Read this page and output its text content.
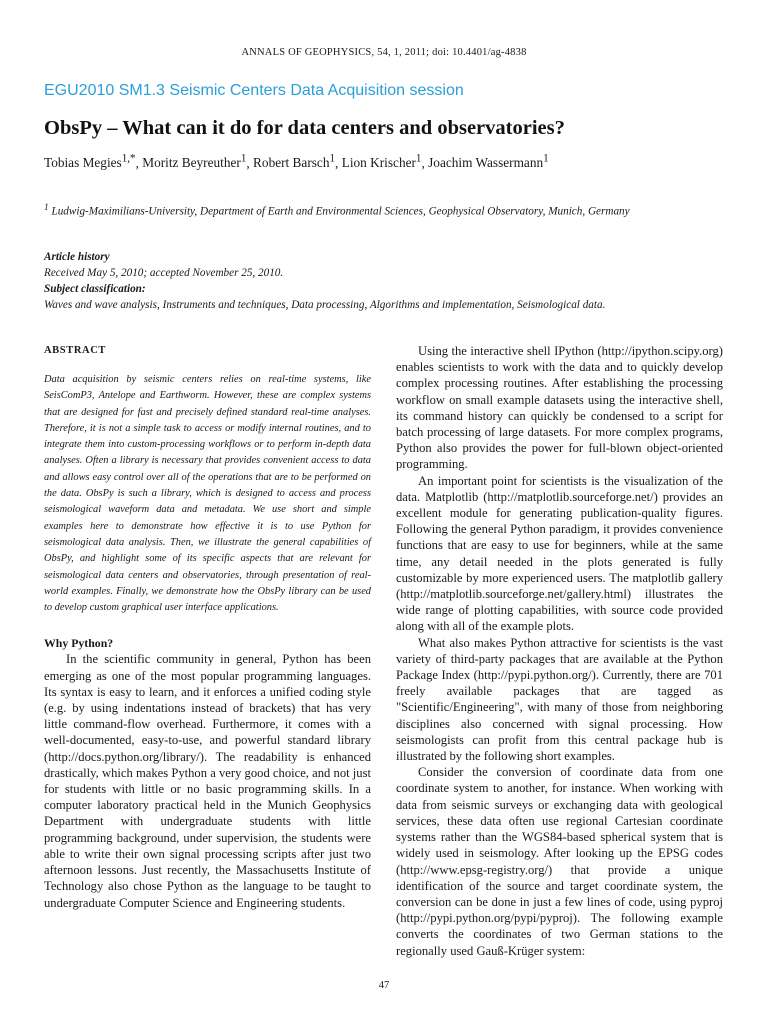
ANNALS OF GEOPHYSICS, 54, 1, 2011; doi: 10.4401/ag-4838
EGU2010 SM1.3 Seismic Centers Data Acquisition session
ObsPy – What can it do for data centers and observatories?
Tobias Megies$^{1,*}$, Moritz Beyreuther$^1$, Robert Barsch$^1$, Lion Krischer$^1$, Joachim Wassermann$^1$
$^1$ Ludwig-Maximilians-University, Department of Earth and Environmental Sciences, Geophysical Observatory, Munich, Germany
Article history
Received May 5, 2010; accepted November 25, 2010.
Subject classification:
Waves and wave analysis, Instruments and techniques, Data processing, Algorithms and implementation, Seismological data.
ABSTRACT

Data acquisition by seismic centers relies on real-time systems, like SeisComP3, Antelope and Earthworm. However, these are complex systems that are designed for fast and precisely defined standard real-time analyses. Therefore, it is not a simple task to access or modify internal routines, and to integrate them into custom-processing workflows or to perform in-depth data analyses. Often a library is necessary that provides convenient access to data and allows easy control over all of the operations that are to be performed on the data. ObsPy is such a library, which is designed to access and process seismological waveform data and metadata. We use short and simple examples here to demonstrate how effective it is to use Python for seismological data analysis. Then, we illustrate the general capabilities of ObsPy, and highlight some of its specific aspects that are relevant for seismological data centers and observatories, through presentation of real-world examples. Finally, we demonstrate how the ObsPy library can be used to develop custom graphical user interface applications.

Why Python?

In the scientific community in general, Python has been emerging as one of the most popular programming languages. Its syntax is easy to learn, and it enforces a unified coding style (e.g. by using indentations instead of brackets) that has very little command-flow overhead. Furthermore, it comes with a well-documented, easy-to-use, and powerful standard library (http://docs.python.org/library/). The readability is enhanced drastically, which makes Python a very good choice, and not just for students with little or no basic programming skills. In a computer laboratory practical held in the Munich Geophysics Department with undergraduate students with little programming background, under supervision, the students were able to write their own signal processing scripts after just two afternoon lessons. Just recently, the Massachusetts Institute of Technology also chose Python as the language to be taught to undergraduate Computer Science and Engineering students.

Using the interactive shell IPython (http://ipython.scipy.org) enables scientists to work with the data and to quickly develop complex processing routines. After establishing the processing workflow on small example datasets using the interactive shell, its command history can quickly be condensed to a script for batch processing of large datasets. For more complex programs, Python also provides the power for full-blown object-oriented programming.

An important point for scientists is the visualization of the data. Matplotlib (http://matplotlib.sourceforge.net/) provides an excellent module for generating publication-quality figures. Following the general Python paradigm, it provides convenience functions that are easy to use for beginners, while at the same time, any detail needed in the plots generated is fully customizable by more experienced users. The matplotlib gallery (http://matplotlib.sourceforge.net/gallery.html) illustrates the wide range of plotting capabilities, with source code provided along with all of the example plots.

What also makes Python attractive for scientists is the vast variety of third-party packages that are available at the Python Package Index (http://pypi.python.org/). Currently, there are 701 freely available packages that are tagged as "Scientific/Engineering", with many of those from neighboring disciplines also concerned with signal processing. How seismologists can profit from this central package hub is illustrated by the following short examples.

Consider the conversion of coordinate data from one coordinate system to another, for instance. When working with data from seismic surveys or exchanging data with geological services, these data often use regional Cartesian coordinate systems rather than the WGS84-based spherical system that is widely used in seismology. After looking up the EPSG codes (http://www.epsg-registry.org/) that provide a unique identification of the source and target coordinate system, the conversion can be done in just a few lines of code, using pyproj (http://pypi.python.org/pypi/pyproj). The following example converts the coordinates of two German stations to the regionally used Gauß-Krüger system:

47
